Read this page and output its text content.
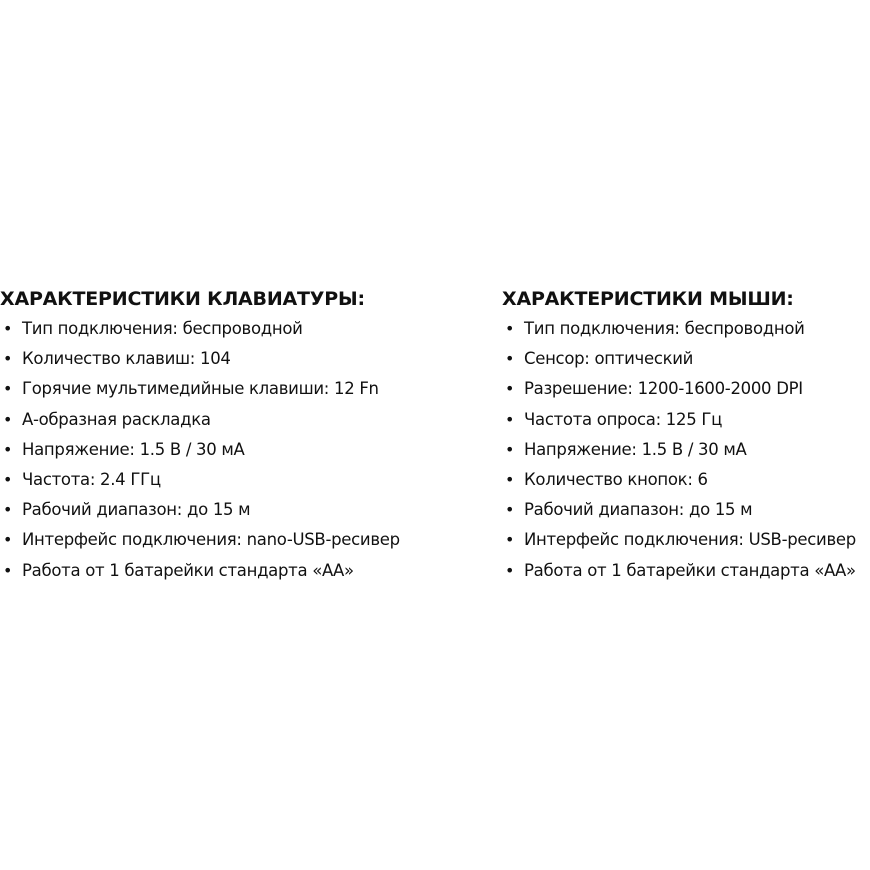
ХАРАКТЕРИСТИКИ КЛАВИАТУРЫ:
• Тип подключения: беспроводной
• Количество клавиш: 104
• Горячие мультимедийные клавиши: 12 Fn
• А-образная раскладка
• Напряжение: 1.5 В / 30 мА
• Частота: 2.4 ГГц
• Рабочий диапазон: до 15 м
• Интерфейс подключения: nano-USB-ресивер
• Работа от 1 батарейки стандарта «АА»
ХАРАКТЕРИСТИКИ МЫШИ:
• Тип подключения: беспроводной
• Сенсор: оптический
• Разрешение: 1200-1600-2000 DPI
• Частота опроса: 125 Гц
• Напряжение: 1.5 В / 30 мА
• Количество кнопок: 6
• Рабочий диапазон: до 15 м
• Интерфейс подключения: USB-ресивер
• Работа от 1 батарейки стандарта «АА»
